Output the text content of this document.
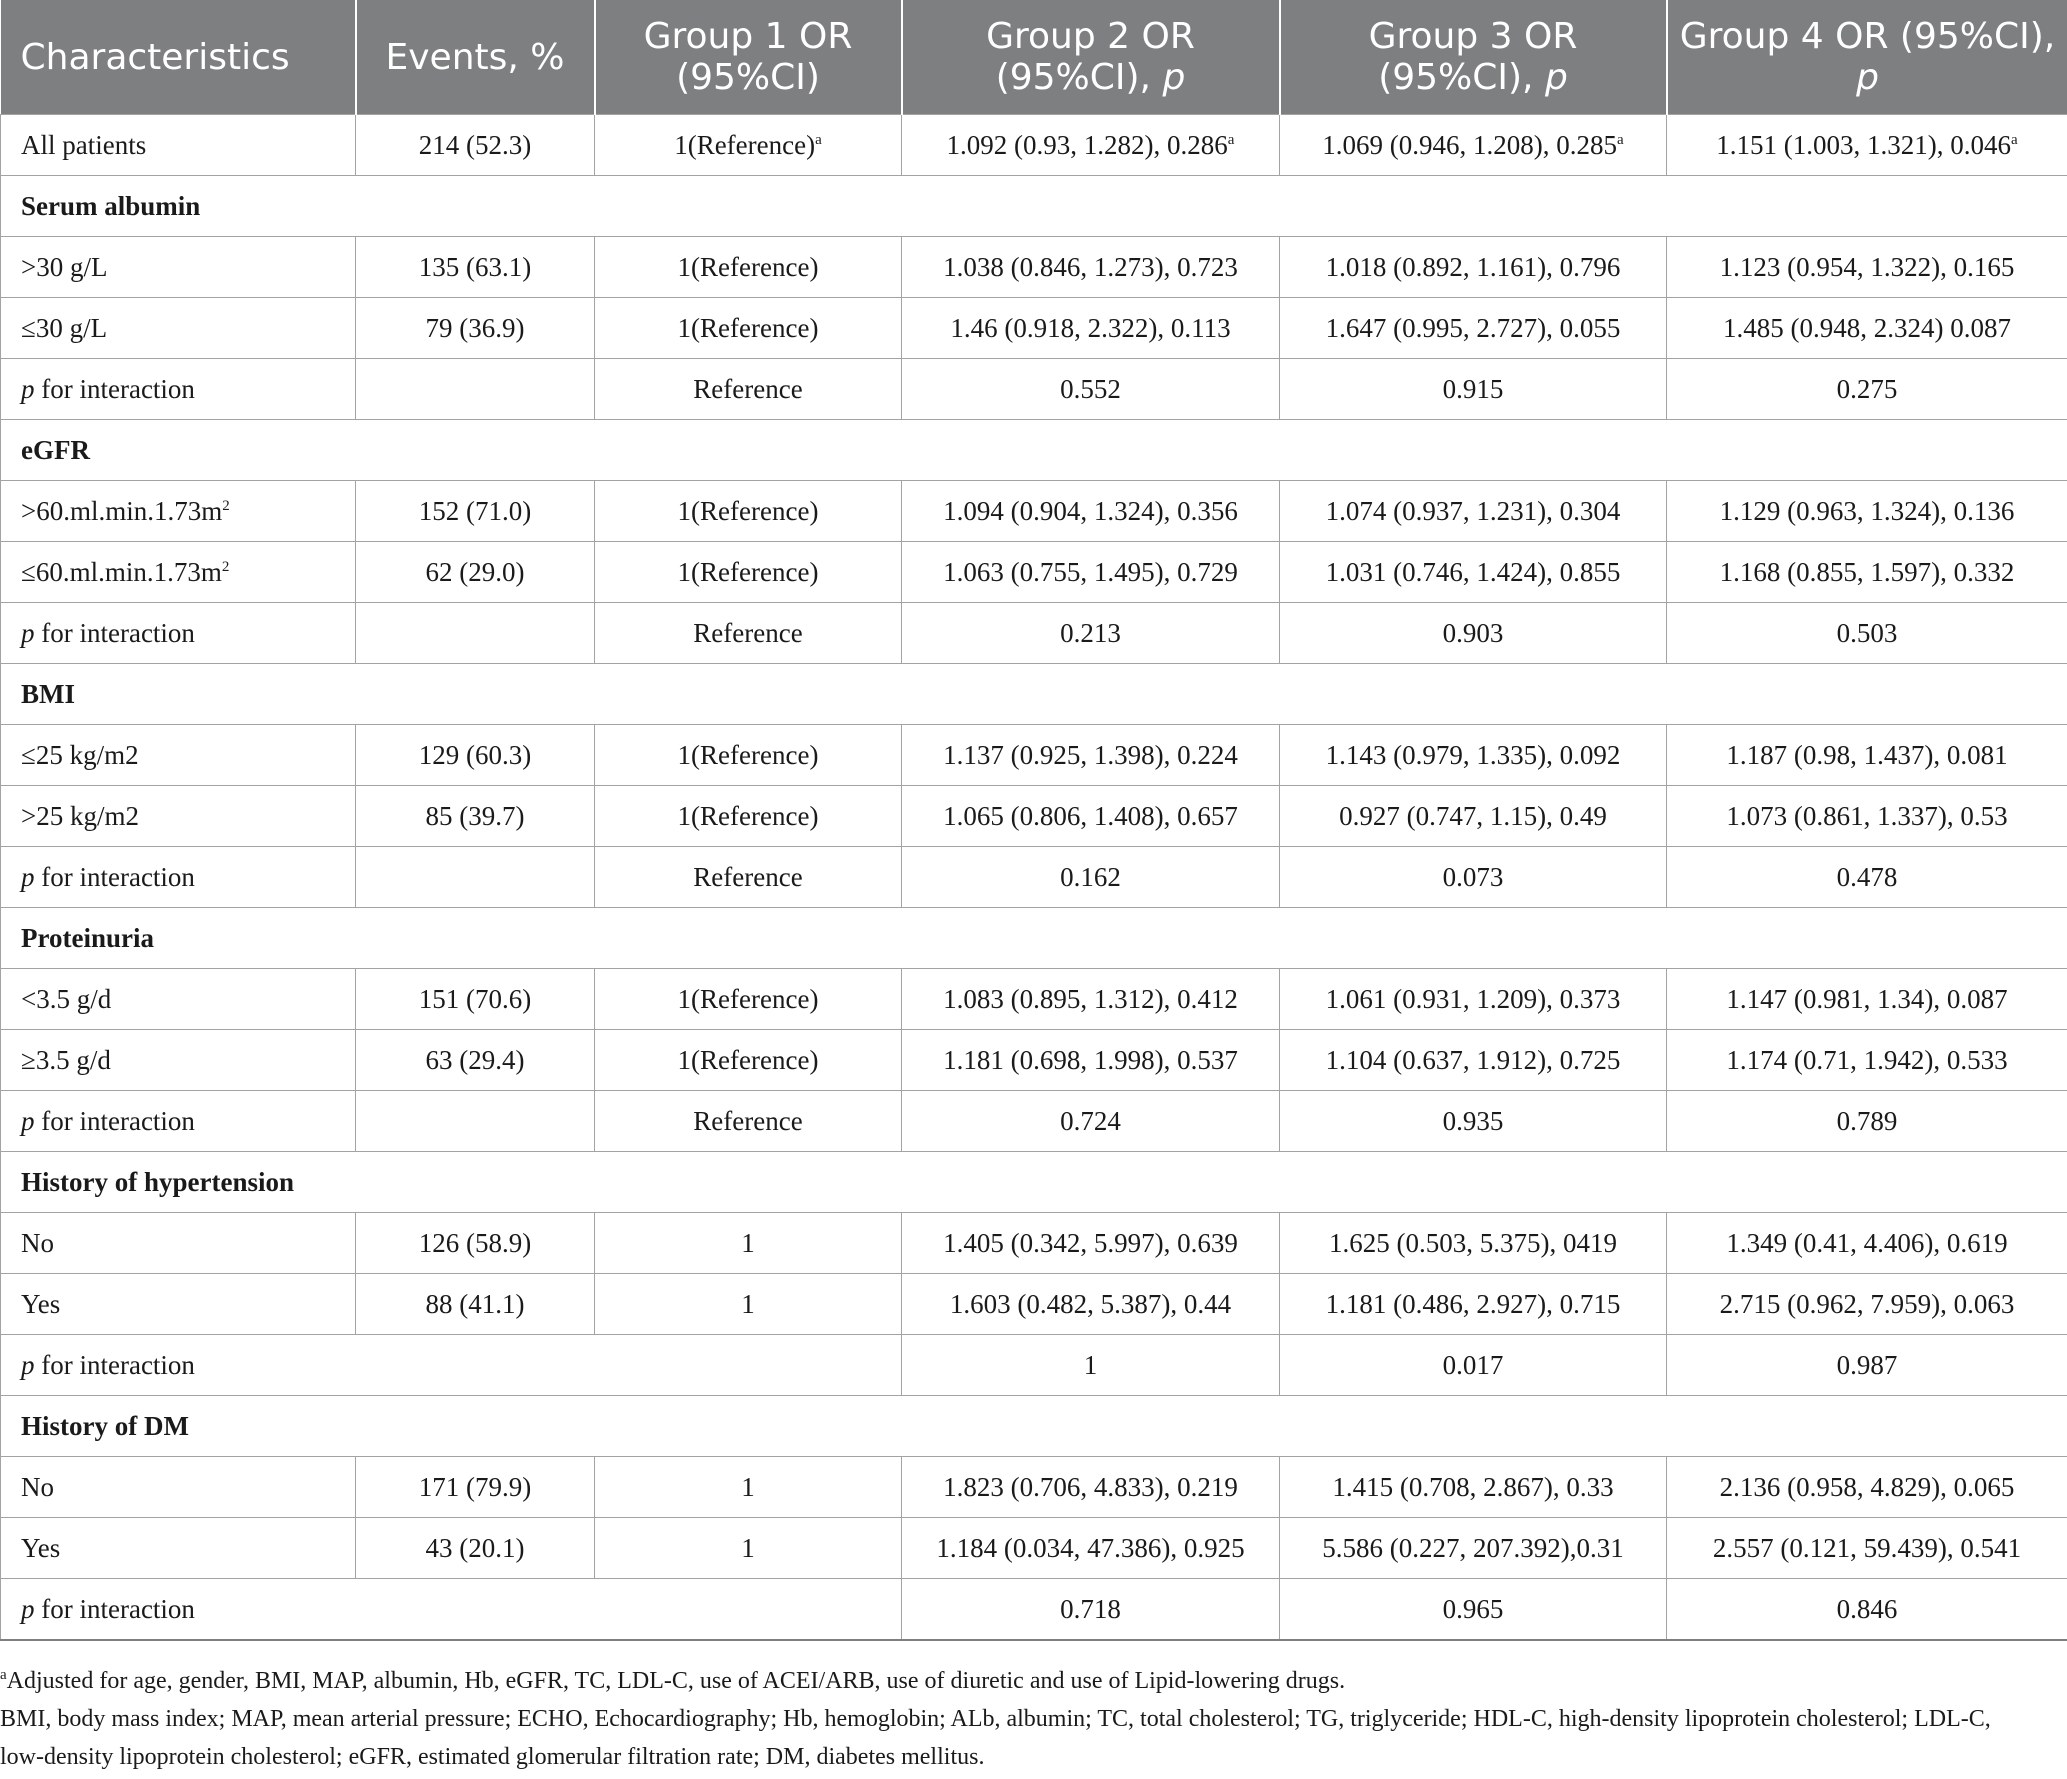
Characteristics	Events, %	Group 1 OR (95%CI)	Group 2 OR (95%CI), p	Group 3 OR (95%CI), p	Group 4 OR (95%CI), p
All patients	214 (52.3)	1(Reference)$^a$	1.092 (0.93, 1.282), 0.286$^a$	1.069 (0.946, 1.208), 0.285$^a$	1.151 (1.003, 1.321), 0.046$^a$
Serum albumin					
>30 g/L	135 (63.1)	1(Reference)	1.038 (0.846, 1.273), 0.723	1.018 (0.892, 1.161), 0.796	1.123 (0.954, 1.322), 0.165
≤30 g/L	79 (36.9)	1(Reference)	1.46 (0.918, 2.322), 0.113	1.647 (0.995, 2.727), 0.055	1.485 (0.948, 2.324) 0.087
p for interaction		Reference	0.552	0.915	0.275
eGFR					
$>60.ml.\min.1.73m^2$	152 (71.0)	1(Reference)	1.094 (0.904, 1.324), 0.356	1.074 (0.937, 1.231), 0.304	1.129 (0.963, 1.324), 0.136
$\le 60.ml.\min.1.73m^2$	62 (29.0)	1(Reference)	1.063 (0.755, 1.495), 0.729	1.031 (0.746, 1.424), 0.855	1.168 (0.855, 1.597), 0.332
p for interaction		Reference	0.213	0.903	0.503
BMI					
≤25 kg/m2	129 (60.3)	1(Reference)	1.137 (0.925, 1.398), 0.224	1.143 (0.979, 1.335), 0.092	1.187 (0.98, 1.437), 0.081
>25 kg/m2	85 (39.7)	1(Reference)	1.065 (0.806, 1.408), 0.657	0.927 (0.747, 1.15), 0.49	1.073 (0.861, 1.337), 0.53
p for interaction		Reference	0.162	0.073	0.478
Proteinuria					
<3.5 g/d	151 (70.6)	1(Reference)	1.083 (0.895, 1.312), 0.412	1.061 (0.931, 1.209), 0.373	1.147 (0.981, 1.34), 0.087
≥3.5 g/d	63 (29.4)	1(Reference)	1.181 (0.698, 1.998), 0.537	1.104 (0.637, 1.912), 0.725	1.174 (0.71, 1.942), 0.533
p for interaction		Reference	0.724	0.935	0.789
History of hypertension					
No	126 (58.9)	1	1.405 (0.342, 5.997), 0.639	1.625 (0.503, 5.375), 0419	1.349 (0.41, 4.406), 0.619
Yes	88 (41.1)	1	1.603 (0.482, 5.387), 0.44	1.181 (0.486, 2.927), 0.715	2.715 (0.962, 7.959), 0.063
p for interaction			1	0.017	0.987
History of DM					
No	171 (79.9)	1	1.823 (0.706, 4.833), 0.219	1.415 (0.708, 2.867), 0.33	2.136 (0.958, 4.829), 0.065
Yes	43 (20.1)	1	1.184 (0.034, 47.386), 0.925	5.586 (0.227, 207.392),0.31	2.557 (0.121, 59.439), 0.541
p for interaction			0.718	0.965	0.846

$^a$Adjusted for age, gender, BMI, MAP, albumin, Hb, eGFR, TC, LDL-C, use of ACEI/ARB, use of diuretic and use of Lipid-lowering drugs.

BMI, body mass index; MAP, mean arterial pressure; ECHO, Echocardiography; Hb, hemoglobin; ALb, albumin; TC, total cholesterol; TG, triglyceride; HDL-C, high-density lipoprotein cholesterol; LDL-C, low-density lipoprotein cholesterol; eGFR, estimated glomerular filtration rate; DM, diabetes mellitus.
